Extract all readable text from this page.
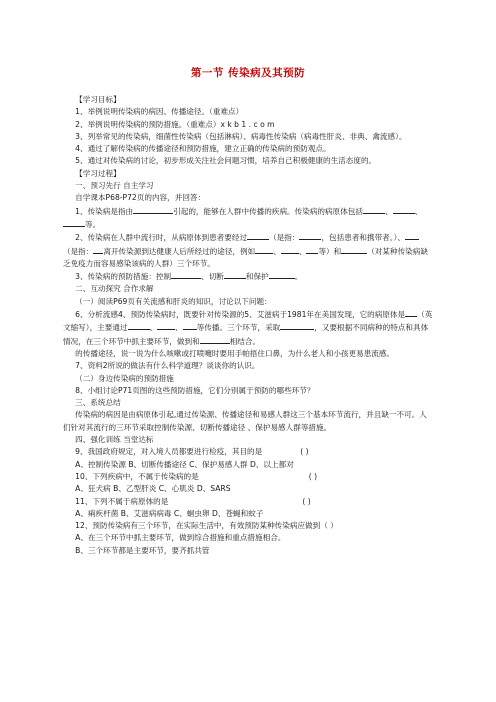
第一节 传染病及其预防

【学习目标】

1、举例说明传染病的病因、传播途径。（重难点）

2、举例说明传染病的预防措施。（重难点）x k b 1 . c o m

3、列举常见的传染病，细菌性传染病（包括淋病）、病毒性传染病（病毒性肝炎、非典、禽流感）。

4、通过了解传染病的传播途径和预防措施，建立正确的传染病的预防观点。

5、通过对传染病的讨论，初步形成关注社会问题习惯，培养自己积极健康的生活态度的。

【学习过程】

一、预习先行 自主学习

自学课本P68-P72页的内容，并回答：

1、传染病是指由	引起的，能够在人群中传播的疾病。传染病的病原体包括	、	、等。

2、传染病在人群中流行时，从病原体到患者要经过	（是指：	，包括患者和携带者。）、（是指： 离开传染源到达健康人后所经过的途径，例如 、 、 等）和	（对某种传染病缺乏免疫力而容易感染该病的人群）三个环节。

3、传染病的预防措施：控制	、切断	和保护	。

二、互动探究 合作求解

（一）阅读P69页有关流感和肝炎的知识，讨论以下问题：

6、分析流感4、预防传染病时，既要针对传染源的5、艾滋病于1981年在美国发现，它的病原体是 （英文缩写），主要通过	、 、 等传播。三个环节，采取	，又要根据不同病种的特点和具体情况，在三个环节中抓主要环节，做到和	相结合。

的传播途径，说一说为什么咳嗽或打喷嚏时要用手帕捂住口鼻，为什么老人和小孩更易患流感。

7、资料2所说的做法有什么科学道理？谈谈你的认识。

（二）身边传染病的预防措施

8、小组讨论P71页图的这些预防措施，它们分别属于预防的哪些环节？

三、系统总结

传染病的病因是由病原体引起,通过传染源、传播途径和易感人群这三个基本环节流行，并且缺一不可。人们针对其流行的三环节采取控制传染源、切断传播途径 、保护易感人群等措施。

四、强化训练 当堂达标

9、我国政府规定，对入境人员都要进行检疫，其目的是	( )

A、控制传染源 B、切断传播途径 C、保护易感人群 D、以上都对

10、下列疾病中，不属于传染病的是	( )

A、狂犬病 B、乙型肝炎 C、心肌炎 D、SARS

11、下列不属于病原体的是	( )

A、痢疾杆菌 B、艾滋病病毒 C、蛔虫卵 D、苍蝇和蚊子

12、预防传染病有三个环节，在实际生活中，有效预防某种传染病应做到（ ）

A、在三个环节中抓主要环节，做到综合措施和重点措施相合。

B、三个环节都是主要环节，要齐抓共管
